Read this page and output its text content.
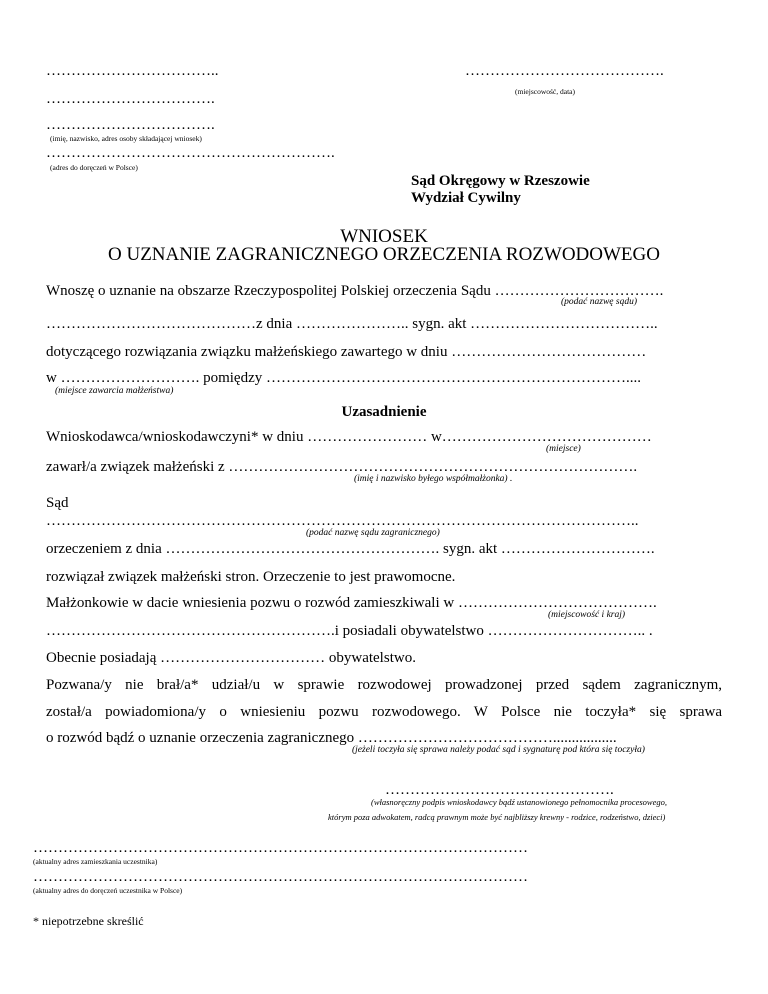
……………………………..
…………………………….
…………………………….
(imię, nazwisko, adres osoby składającej wniosek)
………………………………………………….
(adres do doręczeń w Polsce)
………………………………….
(miejscowość, data)
Sąd Okręgowy w Rzeszowie
Wydział Cywilny
WNIOSEK
O UZNANIE ZAGRANICZNEGO ORZECZENIA ROZWODOWEGO
Wnoszę o uznanie na obszarze Rzeczypospolitej Polskiej orzeczenia Sądu …………………………….
(podać nazwę sądu)
……………………………………z dnia ………………….. sygn. akt ………………………………..
dotyczącego rozwiązania związku małżeńskiego zawartego w dniu …………………………………
w ………………………. pomiędzy ………………………………………………………………....
(miejsce zawarcia małżeństwa)
Uzasadnienie
Wnioskodawca/wnioskodawczyni* w dniu …………………… w……………………………………
(miejsce)
zawarł/a związek małżeński z ……………………………………………………………………….
(imię i nazwisko byłego współmałżonka) .
Sąd
………………………………………………………………………………………………………..
(podać nazwę sądu zagranicznego)
orzeczeniem z dnia ………………………………………………. sygn. akt ………………………….
rozwiązał związek małżeński stron. Orzeczenie to jest prawomocne.
Małżonkowie w dacie wniesienia pozwu o rozwód zamieszkiwali w ………………………………….
(miejscowość i kraj)
………………………………………………….i posiadali obywatelstwo ………………………….. .
Obecnie posiadają …………………………… obywatelstwo.
Pozwana/y nie brał/a* udział/u w sprawie rozwodowej prowadzonej przed sądem zagranicznym,
został/a powiadomiona/y o wniesieniu pozwu rozwodowego. W Polsce nie toczyła* się sprawa
o rozwód bądź o uznanie orzeczenia zagranicznego ………………………………….................
(jeżeli toczyła się sprawa należy podać sąd i sygnaturę pod która się toczyła)
……………………………………….
(własnoręczny podpis wnioskodawcy bądź ustanowionego pełnomocnika procesowego,
którym poza adwokatem, radcą prawnym może być najbliższy krewny - rodzice, rodzeństwo, dzieci)
………………………………………………………………………………………
(aktualny adres zamieszkania uczestnika)
………………………………………………………………………………………
(aktualny adres do doręczeń uczestnika w Polsce)
* niepotrzebne skreślić
